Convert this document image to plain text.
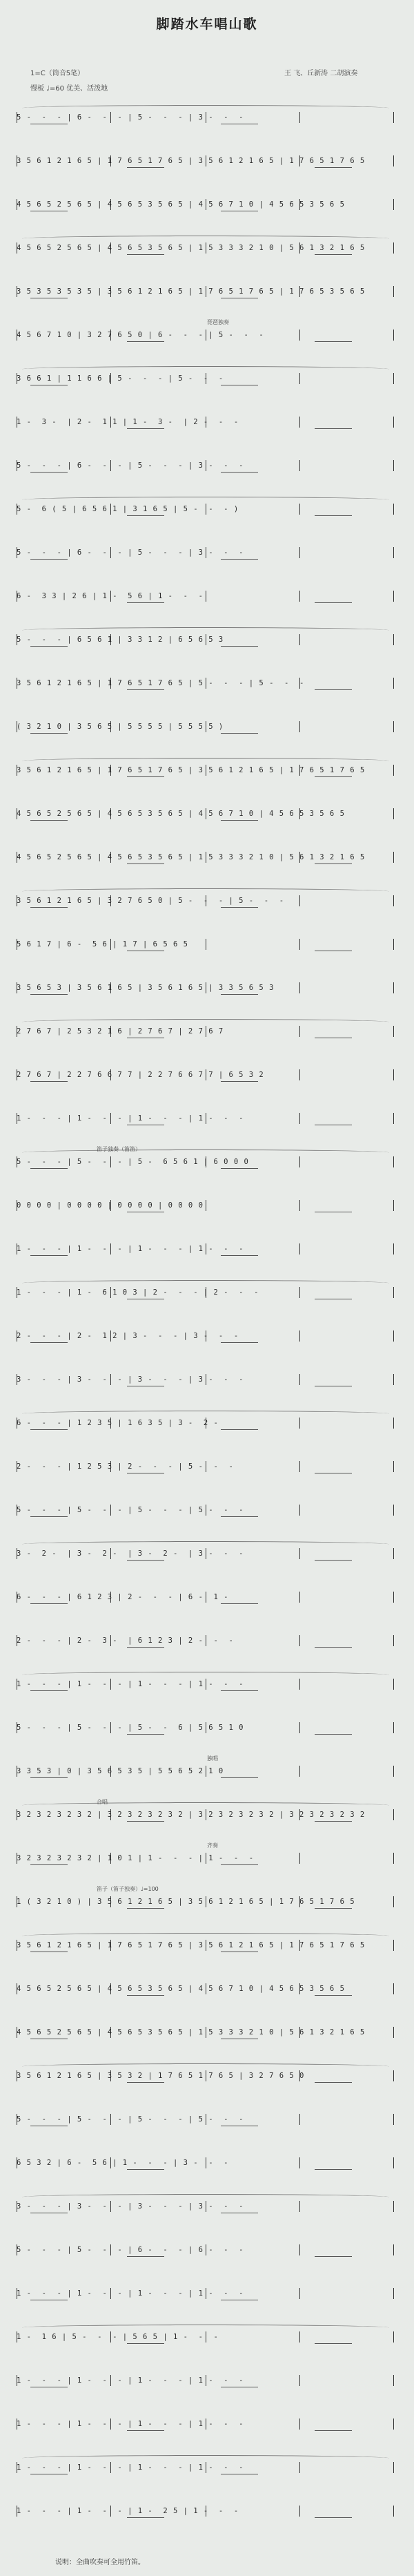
脚踏水车唱山歌
1=C（筒音5笔）	王 飞、丘新涛 二胡演奏
慢板 ♩=60 优美、活泼地
5 -  -  - | 6 -  -  - | 5 -  -  - | 3 -  -  -
3 5 6 1 2 1 6 5 | 1 7 6 5 1 7 6 5 | 3 5 6 1 2 1 6 5 | 1 7 6 5 1 7 6 5
4 5 6 5 2 5 6 5 | 4 5 6 5 3 5 6 5 | 4 5 6 7 1 0 | 4 5 6 5 3 5 6 5
4 5 6 5 2 5 6 5 | 4 5 6 5 3 5 6 5 | 1 5 3 3 3 2 1 0 | 5 6 1 3 2 1 6 5
3 5 3 5 3 5 3 5 | 3 5 6 1 2 1 6 5 | 1 7 6 5 1 7 6 5 | 1 7 6 5 3 5 6 5
4 5 6 7 1 0 | 3 2 7 6 5 0 | 6 -  -  - | 5 -  -  -
3 6 6 1 | 1 1 6 6 | 5 -  -  - | 5 -  -  -
1 -  3 -  | 2 -  1 1 | 1 -  3 -  | 2 -  -  -
5 -  -  - | 6 -  -  - | 5 -  -  - | 3 -  -  -
5 -  6 ( 5 | 6 5 6 1 | 3 1 6 5 | 5 -  -  - )
5 -  -  - | 6 -  -  - | 5 -  -  - | 3 -  -  -
6 -  3 3 | 2 6 | 1 -  5 6 | 1 -  -  -
5 -  -  - | 6 5 6 1 | 3 3 1 2 | 6 5 6 5 3
3 5 6 1 2 1 6 5 | 1 7 6 5 1 7 6 5 | 5 -  -  - | 5 -  -  -
( 3 2 1 0 | 3 5 6 5 | 5 5 5 5 | 5 5 5 5 )
3 5 6 1 2 1 6 5 | 1 7 6 5 1 7 6 5 | 3 5 6 1 2 1 6 5 | 1 7 6 5 1 7 6 5
4 5 6 5 2 5 6 5 | 4 5 6 5 3 5 6 5 | 4 5 6 7 1 0 | 4 5 6 5 3 5 6 5
4 5 6 5 2 5 6 5 | 4 5 6 5 3 5 6 5 | 1 5 3 3 3 2 1 0 | 5 6 1 3 2 1 6 5
3 5 6 1 2 1 6 5 | 3 2 7 6 5 0 | 5 -  -  - | 5 -  -  -
5 6 1 7 | 6 -  5 6 | 1 7 | 6 5 6 5
3 5 6 5 3 | 3 5 6 1 6 5 | 3 5 6 1 6 5 | 3 3 5 6 5 3
2 7 6 7 | 2 5 3 2 1 6 | 2 7 6 7 | 2 7 6 7
2 7 6 7 | 2 2 7 6 6 7 7 | 2 2 7 6 6 7 7 | 6 5 3 2
1 -  -  - | 1 -  -  - | 1 -  -  - | 1 -  -  -
5 -  -  - | 5 -  -  - | 5 -  6 5 6 1 | 6 0 0 0
0 0 0 0 | 0 0 0 0 | 0 0 0 0 | 0 0 0 0
1 -  -  - | 1 -  -  - | 1 -  -  - | 1 -  -  -
1 -  -  - | 1 -  6 1 0 3 | 2 -  -  - | 2 -  -  -
2 -  -  - | 2 -  1 2 | 3 -  -  - | 3 -  -  -
3 -  -  - | 3 -  -  - | 3 -  -  - | 3 -  -  -
6 -  -  - | 1 2 3 5 | 1 6 3 5 | 3 -  2 -
2 -  -  - | 1 2 5 3 | 2 -  -  - | 5 -  -  -
5 -  -  - | 5 -  -  - | 5 -  -  - | 5 -  -  -
3 -  2 -  | 3 -  2 -  | 3 -  2 -  | 3 -  -  -
6 -  -  - | 6 1 2 3 | 2 -  -  - | 6 -  1 -
2 -  -  - | 2 -  3 -  | 6 1 2 3 | 2 -  -  -
1 -  -  - | 1 -  -  - | 1 -  -  - | 1 -  -  -
5 -  -  - | 5 -  -  - | 5 -  -  6 | 5 6 5 1 0
3 3 5 3 | 0 | 3 5 6 5 3 5 | 5 5 6 5 2 1 0
3 2 3 2 3 2 3 2 | 3 2 3 2 3 2 3 2 | 3 2 3 2 3 2 3 2 | 3 2 3 2 3 2 3 2
3 2 3 2 3 2 3 2 | 1 0 1 | 1 -  -  - | 1 -  -  -
1 ( 3 2 1 0 ) | 3 5 6 1 2 1 6 5 | 3 5 6 1 2 1 6 5 | 1 7 6 5 1 7 6 5
3 5 6 1 2 1 6 5 | 1 7 6 5 1 7 6 5 | 3 5 6 1 2 1 6 5 | 1 7 6 5 1 7 6 5
4 5 6 5 2 5 6 5 | 4 5 6 5 3 5 6 5 | 4 5 6 7 1 0 | 4 5 6 5 3 5 6 5
4 5 6 5 2 5 6 5 | 4 5 6 5 3 5 6 5 | 1 5 3 3 3 2 1 0 | 5 6 1 3 2 1 6 5
3 5 6 1 2 1 6 5 | 3 5 3 2 | 1 7 6 5 1 7 6 5 | 3 2 7 6 5 0
5 -  -  - | 5 -  -  - | 5 -  -  - | 5 -  -  -
6 5 3 2 | 6 -  5 6 | 1 -  -  - | 3 -  -  -
3 -  -  - | 3 -  -  - | 3 -  -  - | 3 -  -  -
5 -  -  - | 5 -  -  - | 6 -  -  - | 6 -  -  -
1 -  -  - | 1 -  -  - | 1 -  -  - | 1 -  -  -
1 -  1 6 | 5 -  -  - | 5 6 5 | 1 -  -  -
1 -  -  - | 1 -  -  - | 1 -  -  - | 1 -  -  -
1 -  -  - | 1 -  -  - | 1 -  -  - | 1 -  -  -
1 -  -  - | 1 -  -  - | 1 -  -  - | 1 -  -  -
1 -  -  - | 1 -  -  - | 1 -  2 5 | 1 -  -  -
琵琶独奏
笛子独奏（笛笛）
独唱
合唱
齐奏
笛子（笛子独奏）♩=100
说明：全曲吹奏可全用竹笛。
